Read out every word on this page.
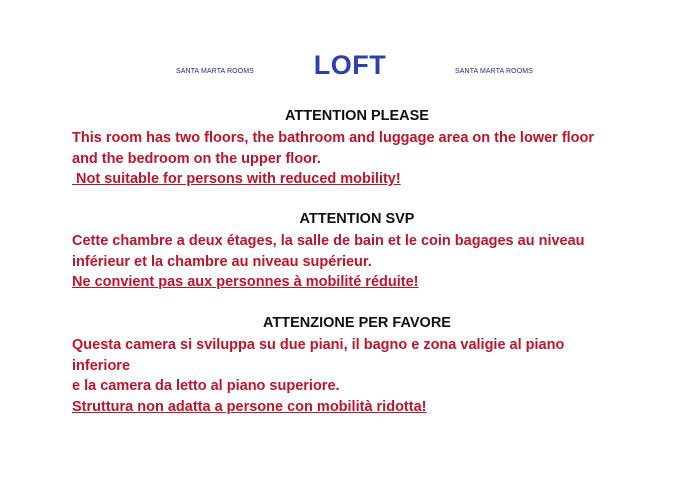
SANTA MARTA ROOMS	LOFT	SANTA MARTA ROOMS
ATTENTION PLEASE
This room has two floors, the bathroom and luggage area on the lower floor
and the bedroom on the upper floor.
Not suitable for persons with reduced mobility!
ATTENTION SVP
Cette chambre a deux étages, la salle de bain et le coin bagages au niveau
inférieur et la chambre au niveau supérieur.
Ne convient pas aux personnes à mobilité réduite!
ATTENZIONE PER FAVORE
Questa camera si sviluppa su due piani, il bagno e zona valigie al piano
inferiore
e la camera da letto al piano superiore.
Struttura non adatta a persone con mobilità ridotta!
